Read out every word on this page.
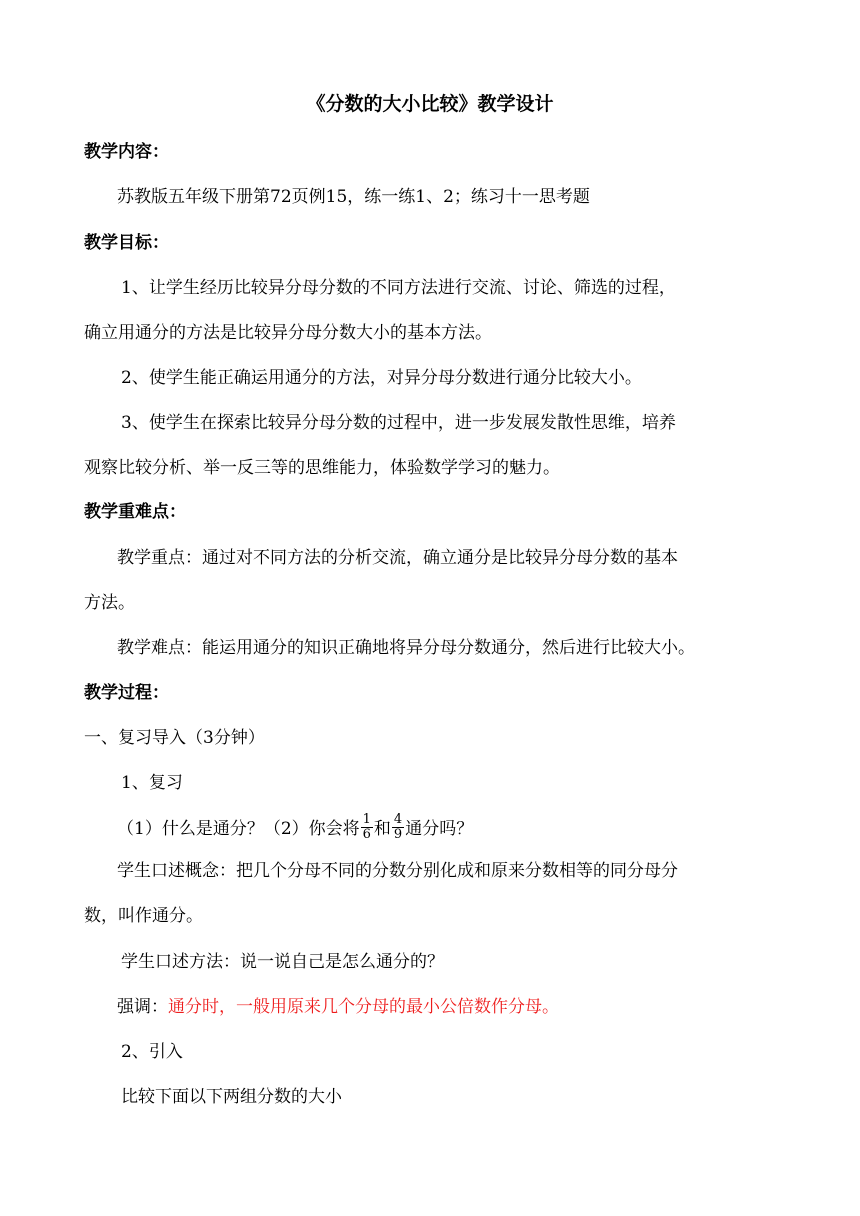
《分数的大小比较》教学设计
教学内容：
苏教版五年级下册第72页例15，练一练1、2；练习十一思考题
教学目标：
1、让学生经历比较异分母分数的不同方法进行交流、讨论、筛选的过程，
确立用通分的方法是比较异分母分数大小的基本方法。
2、使学生能正确运用通分的方法，对异分母分数进行通分比较大小。
3、使学生在探索比较异分母分数的过程中，进一步发展发散性思维，培养
观察比较分析、举一反三等的思维能力，体验数学学习的魅力。
教学重难点：
教学重点：通过对不同方法的分析交流，确立通分是比较异分母分数的基本
方法。
教学难点：能运用通分的知识正确地将异分母分数通分，然后进行比较大小。
教学过程：
一、复习导入（3分钟）
1、复习
（1）什么是通分？（2）你会将 $\frac{1}{6}$ 和 $\frac{4}{9}$ 通分吗？
学生口述概念：把几个分母不同的分数分别化成和原来分数相等的同分母分
数，叫作通分。
学生口述方法：说一说自己是怎么通分的？
强调：通分时，一般用原来几个分母的最小公倍数作分母。
2、引入
比较下面以下两组分数的大小
